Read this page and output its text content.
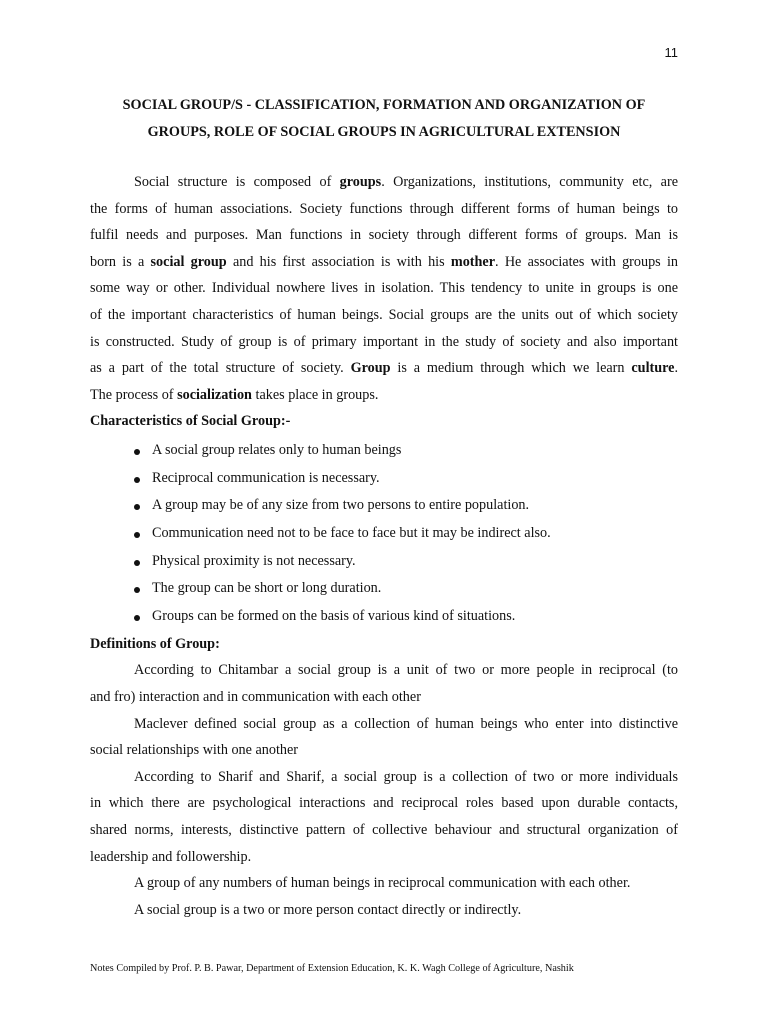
11
SOCIAL GROUP/S - CLASSIFICATION, FORMATION AND ORGANIZATION OF
GROUPS, ROLE OF SOCIAL GROUPS IN AGRICULTURAL EXTENSION
Social structure is composed of groups. Organizations, institutions, community etc, are
the forms of human associations. Society functions through different forms of human beings to
fulfil needs and purposes. Man functions in society through different forms of groups. Man is
born is a social group and his first association is with his mother. He associates with groups in
some way or other. Individual nowhere lives in isolation. This tendency to unite in groups is one
of the important characteristics of human beings. Social groups are the units out of which society
is constructed. Study of group is of primary important in the study of society and also important
as a part of the total structure of society. Group is a medium through which we learn culture.
The process of socialization takes place in groups.
Characteristics of Social Group:-
A social group relates only to human beings
Reciprocal communication is necessary.
A group may be of any size from two persons to entire population.
Communication need not to be face to face but it may be indirect also.
Physical proximity is not necessary.
The group can be short or long duration.
Groups can be formed on the basis of various kind of situations.
Definitions of Group:
According to Chitambar a social group is a unit of two or more people in reciprocal (to
and fro) interaction and in communication with each other
Maclever defined social group as a collection of human beings who enter into distinctive
social relationships with one another
According to Sharif and Sharif, a social group is a collection of two or more individuals
in which there are psychological interactions and reciprocal roles based upon durable contacts,
shared norms, interests, distinctive pattern of collective behaviour and structural organization of
leadership and followership.
A group of any numbers of human beings in reciprocal communication with each other.
A social group is a two or more person contact directly or indirectly.
Notes Compiled by Prof. P. B. Pawar, Department of Extension Education, K. K. Wagh College of Agriculture, Nashik
